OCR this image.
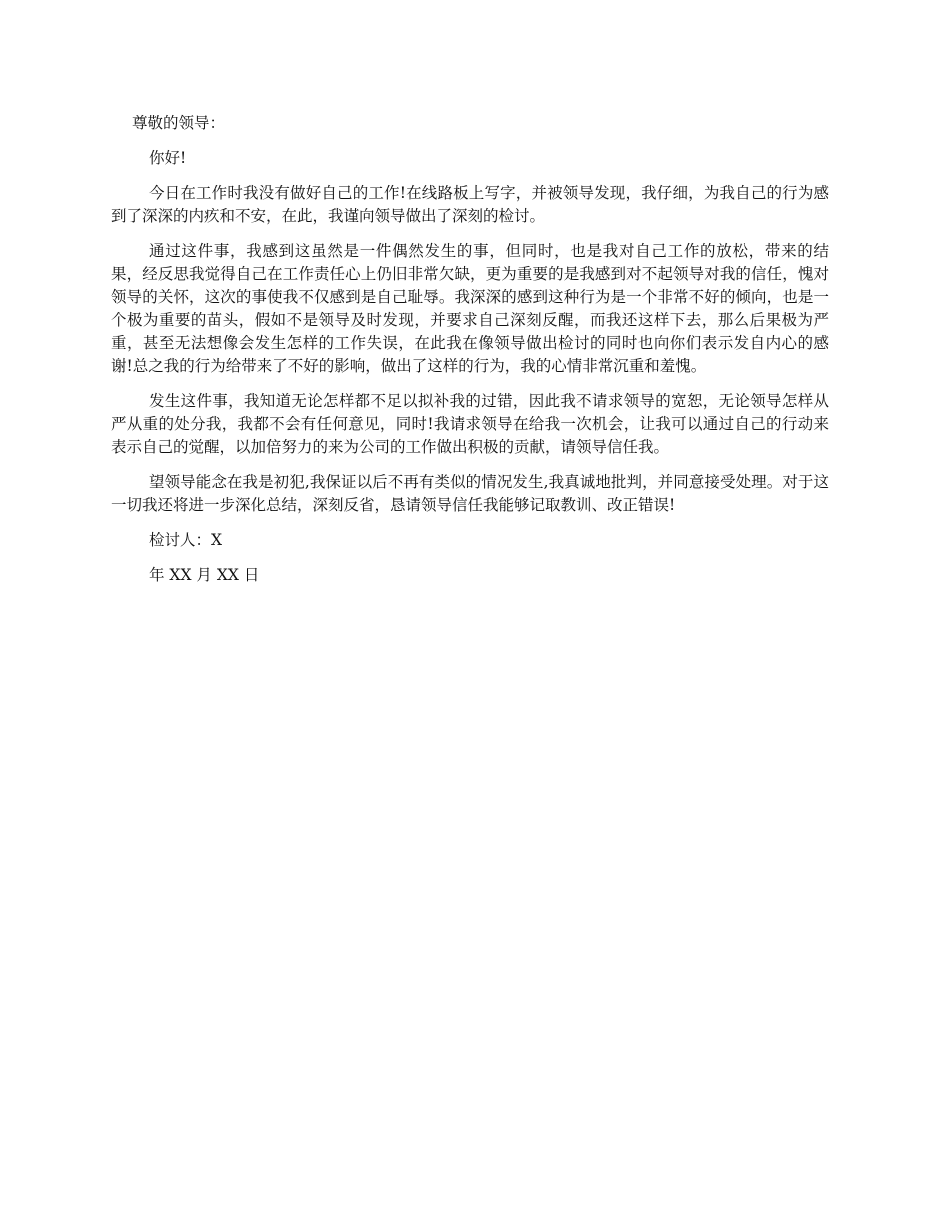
尊敬的领导：

你好!

今日在工作时我没有做好自己的工作!在线路板上写字，并被领导发现，我仔细，为我自己的行为感到了深深的内疚和不安，在此，我谨向领导做出了深刻的检讨。

通过这件事，我感到这虽然是一件偶然发生的事，但同时，也是我对自己工作的放松，带来的结果，经反思我觉得自己在工作责任心上仍旧非常欠缺，更为重要的是我感到对不起领导对我的信任，愧对领导的关怀，这次的事使我不仅感到是自己耻辱。我深深的感到这种行为是一个非常不好的倾向，也是一个极为重要的苗头，假如不是领导及时发现，并要求自己深刻反醒，而我还这样下去，那么后果极为严重，甚至无法想像会发生怎样的工作失误，在此我在像领导做出检讨的同时也向你们表示发自内心的感谢!总之我的行为给带来了不好的影响，做出了这样的行为，我的心情非常沉重和羞愧。

发生这件事，我知道无论怎样都不足以拟补我的过错，因此我不请求领导的宽恕，无论领导怎样从严从重的处分我，我都不会有任何意见，同时!我请求领导在给我一次机会，让我可以通过自己的行动来表示自己的觉醒，以加倍努力的来为公司的工作做出积极的贡献，请领导信任我。

望领导能念在我是初犯,我保证以后不再有类似的情况发生,我真诚地批判，并同意接受处理。对于这一切我还将进一步深化总结，深刻反省，恳请领导信任我能够记取教训、改正错误!

检讨人：X

年 XX 月 XX 日
